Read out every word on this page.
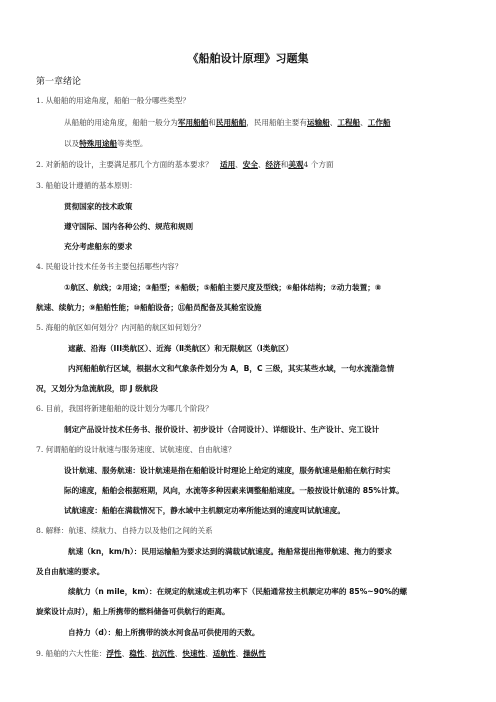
《船舶设计原理》习题集
第一章绪论
1. 从船舶的用途角度，船舶一般分哪些类型？
从船舶的用途角度，船舶一般分为军用船舶和民用船舶，民用船舶主要有运输船、工程船、工作船
以及特殊用途船等类型。
2. 对新船的设计，主要满足那几个方面的基本要求？ 适用、安全、经济和美观4 个方面
3. 船舶设计遵循的基本原则：
贯彻国家的技术政策
遵守国际、国内各种公约、规范和规则
充分考虑船东的要求
4. 民船设计技术任务书主要包括哪些内容？
①航区、航线；②用途；③船型；④船级；⑤船舶主要尺度及型线；⑥船体结构；⑦动力装置；⑧
航速、续航力；⑨船舶性能；⑩船舶设备；⑪船员配备及其舱室设施
5. 海船的航区如何划分？内河船的航区如何划分？
遮蔽、沿海（III类航区）、近海（Ⅱ类航区）和无限航区（Ⅰ类航区）
内河船舶航行区域，根据水文和气象条件划分为 A，B，C 三级，其实某些水域，一句水流湍急情
况，又划分为急流航段，即 J 级航段
6. 目前，我国将新建船舶的设计划分为哪几个阶段？
制定产品设计技术任务书、报价设计、初步设计（合同设计）、详细设计、生产设计、完工设计
7. 何谓船舶的设计航速与服务速度、试航速度、自由航速？
设计航速、服务航速：设计航速是指在船舶设计时理论上给定的速度，服务航速是船舶在航行时实
际的速度，船舶会根据班期，风向，水流等多种因素来调整船舶速度。一般按设计航速的 85%计算。
试航速度：船舶在满载情况下，静水域中主机额定功率所能达到的速度叫试航速度。
8. 解释：航速、续航力、自持力以及他们之间的关系
航速（kn，km/h）：民用运输船为要求达到的满载试航速度。拖船常提出拖带航速、拖力的要求
及自由航速的要求。
续航力（n mile，km）：在规定的航速或主机功率下（民船通常按主机额定功率的 85%~90%的螺
旋桨设计点时），船上所携带的燃料储备可供航行的距离。
自持力（d）：船上所携带的淡水河食品可供使用的天数。
9. 船舶的六大性能：浮性、稳性、抗沉性、快速性、适航性、操纵性
